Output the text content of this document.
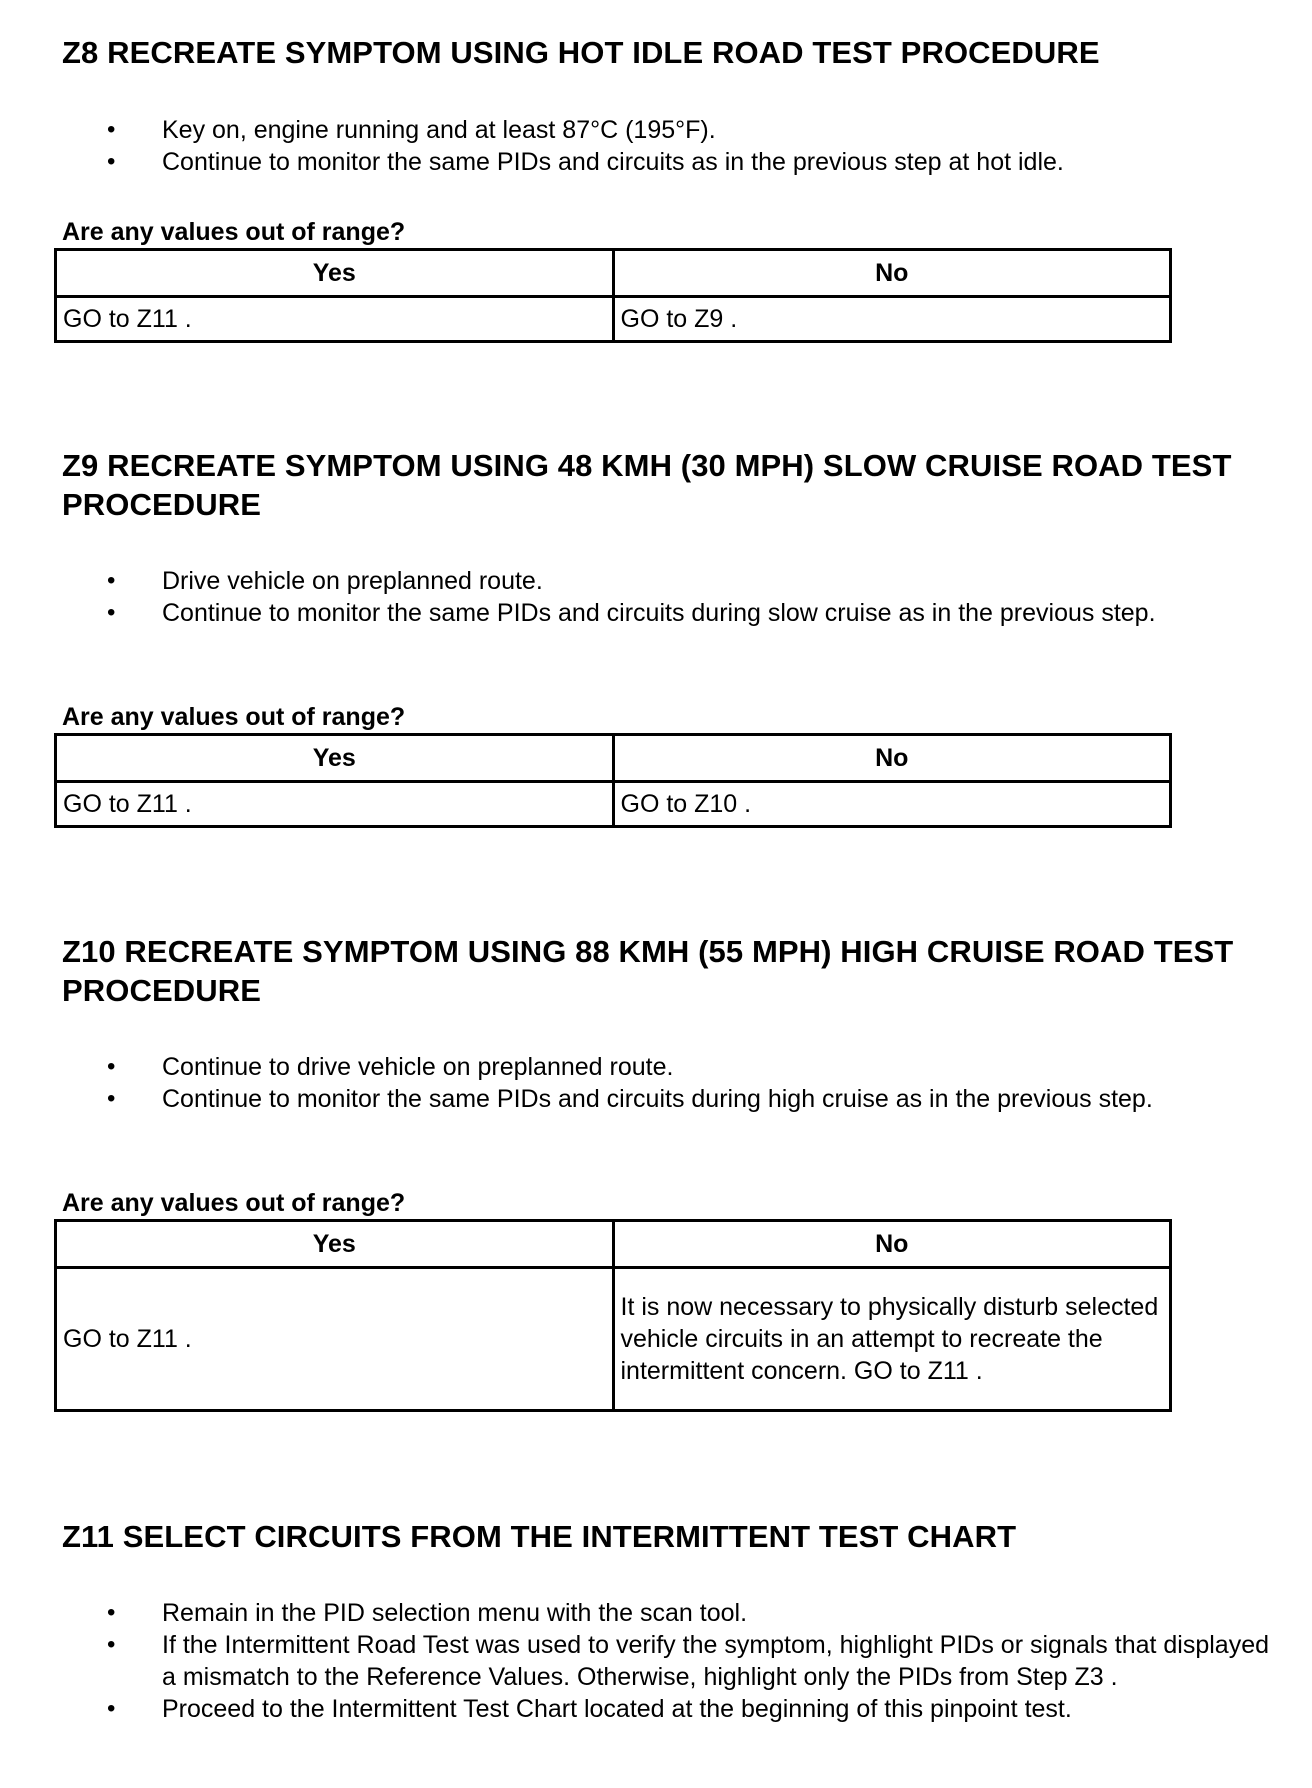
Z8 RECREATE SYMPTOM USING HOT IDLE ROAD TEST PROCEDURE
• Key on, engine running and at least 87°C (195°F).
• Continue to monitor the same PIDs and circuits as in the previous step at hot idle.

Are any values out of range?

Yes	No
GO to Z11 .	GO to Z9 .
Z9 RECREATE SYMPTOM USING 48 KMH (30 MPH) SLOW CRUISE ROAD TEST PROCEDURE
• Drive vehicle on preplanned route.
• Continue to monitor the same PIDs and circuits during slow cruise as in the previous step.

Are any values out of range?

Yes	No
GO to Z11 .	GO to Z10 .
Z10 RECREATE SYMPTOM USING 88 KMH (55 MPH) HIGH CRUISE ROAD TEST PROCEDURE
• Continue to drive vehicle on preplanned route.
• Continue to monitor the same PIDs and circuits during high cruise as in the previous step.

Are any values out of range?

Yes	No
GO to Z11 .	It is now necessary to physically disturb selected vehicle circuits in an attempt to recreate the intermittent concern. GO to Z11 .
Z11 SELECT CIRCUITS FROM THE INTERMITTENT TEST CHART
• Remain in the PID selection menu with the scan tool.
• If the Intermittent Road Test was used to verify the symptom, highlight PIDs or signals that displayed a mismatch to the Reference Values. Otherwise, highlight only the PIDs from Step Z3 .
• Proceed to the Intermittent Test Chart located at the beginning of this pinpoint test.
